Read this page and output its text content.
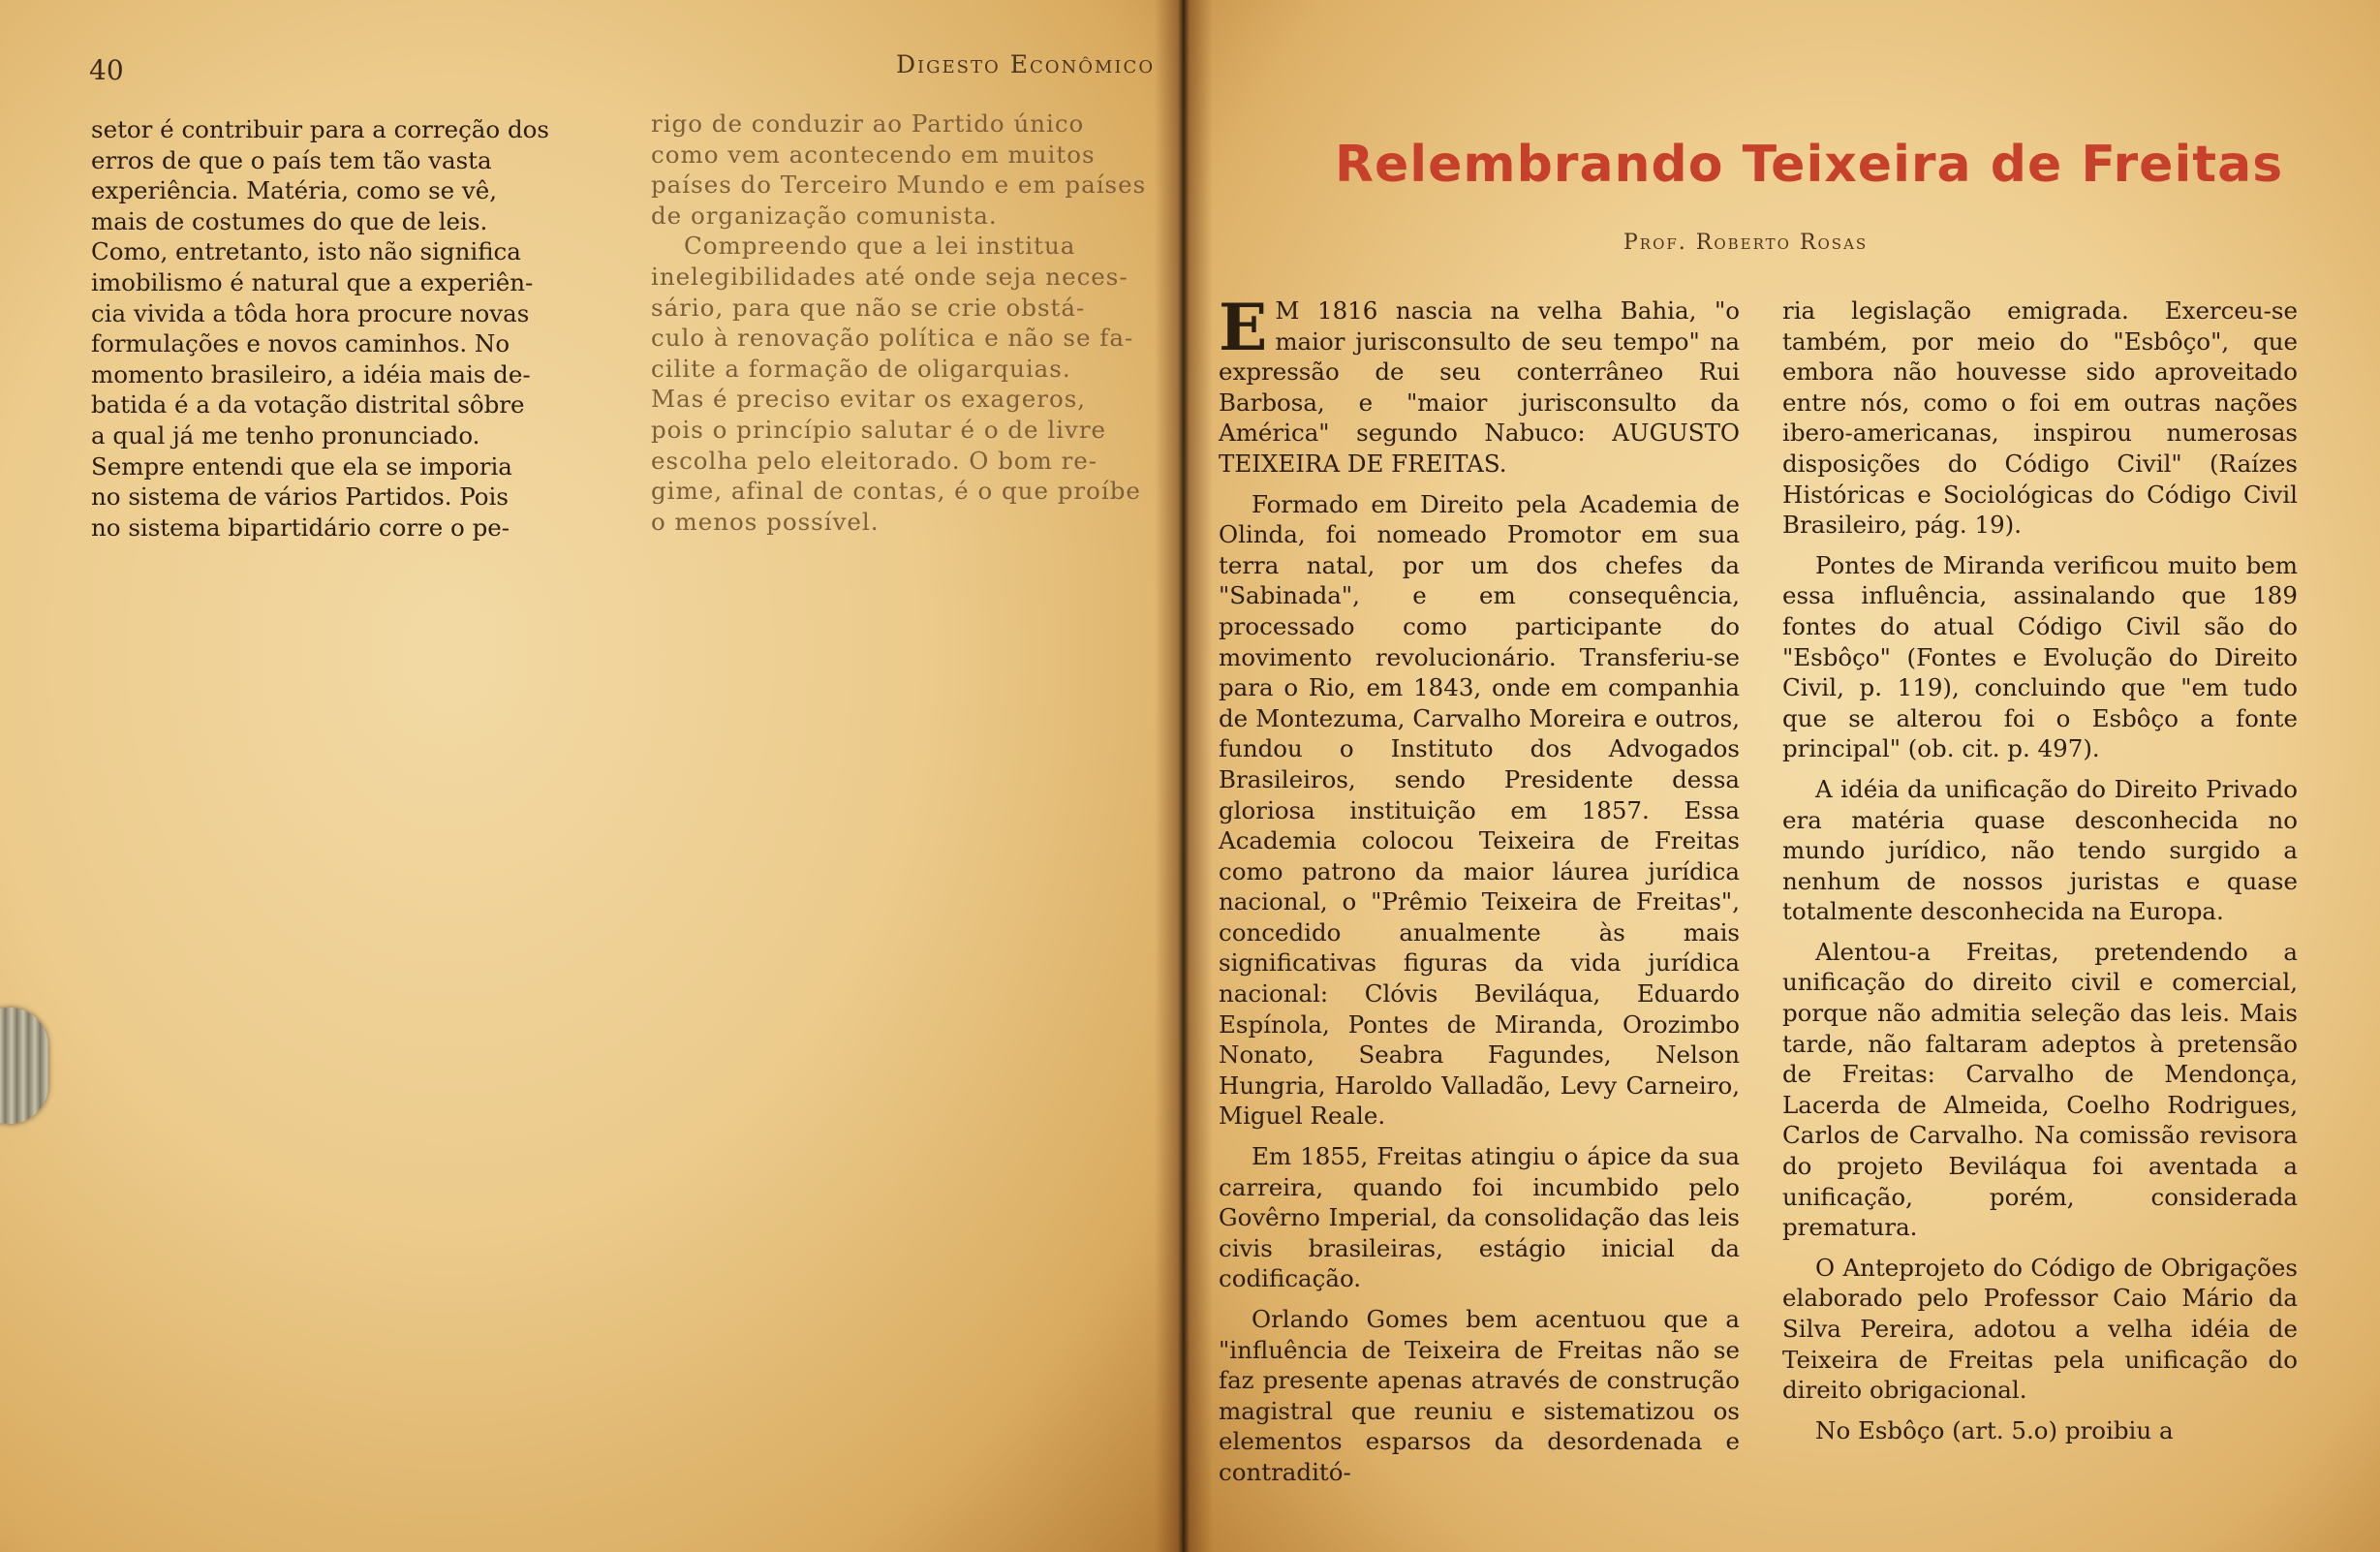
40	Digesto Econômico
setor é contribuir para a correção dos
erros de que o país tem tão vasta
experiência. Matéria, como se vê,
mais de costumes do que de leis.
Como, entretanto, isto não significa
imobilismo é natural que a experiên-
cia vivida a tôda hora procure novas
formulações e novos caminhos. No
momento brasileiro, a idéia mais de-
batida é a da votação distrital sôbre
a qual já me tenho pronunciado.
Sempre entendi que ela se imporia
no sistema de vários Partidos. Pois
no sistema bipartidário corre o pe-
rigo de conduzir ao Partido único
como vem acontecendo em muitos
países do Terceiro Mundo e em países
de organização comunista.
Compreendo que a lei institua
inelegibilidades até onde seja neces-
sário, para que não se crie obstá-
culo à renovação política e não se fa-
cilite a formação de oligarquias.
Mas é preciso evitar os exageros,
pois o princípio salutar é o de livre
escolha pelo eleitorado. O bom re-
gime, afinal de contas, é o que proíbe
o menos possível.
Relembrando Teixeira de Freitas
Prof. Roberto Rosas

E M 1816 nascia na velha Bahia, "o maior jurisconsulto de seu tempo" na expressão de seu conterrâneo Rui Barbosa, e "maior jurisconsulto da América" segundo Nabuco: AUGUSTO TEIXEIRA DE FREITAS.

Formado em Direito pela Academia de Olinda, foi nomeado Promotor em sua terra natal, por um dos chefes da "Sabinada", e em consequência, processado como participante do movimento revolucionário. Transferiu-se para o Rio, em 1843, onde em companhia de Montezuma, Carvalho Moreira e outros, fundou o Instituto dos Advogados Brasileiros, sendo Presidente dessa gloriosa instituição em 1857. Essa Academia colocou Teixeira de Freitas como patrono da maior láurea jurídica nacional, o "Prêmio Teixeira de Freitas", concedido anualmente às mais significativas figuras da vida jurídica nacional: Clóvis Beviláqua, Eduardo Espínola, Pontes de Miranda, Orozimbo Nonato, Seabra Fagundes, Nelson Hungria, Haroldo Valladão, Levy Carneiro, Miguel Reale.

Em 1855, Freitas atingiu o ápice da sua carreira, quando foi incumbido pelo Govêrno Imperial, da consolidação das leis civis brasileiras, estágio inicial da codificação.

Orlando Gomes bem acentuou que a "influência de Teixeira de Freitas não se faz presente apenas através de construção magistral que reuniu e sistematizou os elementos esparsos da desordenada e contraditó-

ria legislação emigrada. Exerceu-se também, por meio do "Esbôço", que embora não houvesse sido aproveitado entre nós, como o foi em outras nações ibero-americanas, inspirou numerosas disposições do Código Civil" (Raízes Históricas e Sociológicas do Código Civil Brasileiro, pág. 19).

Pontes de Miranda verificou muito bem essa influência, assinalando que 189 fontes do atual Código Civil são do "Esbôço" (Fontes e Evolução do Direito Civil, p. 119), concluindo que "em tudo que se alterou foi o Esbôço a fonte principal" (ob. cit. p. 497).

A idéia da unificação do Direito Privado era matéria quase desconhecida no mundo jurídico, não tendo surgido a nenhum de nossos juristas e quase totalmente desconhecida na Europa.

Alentou-a Freitas, pretendendo a unificação do direito civil e comercial, porque não admitia seleção das leis. Mais tarde, não faltaram adeptos à pretensão de Freitas: Carvalho de Mendonça, Lacerda de Almeida, Coelho Rodrigues, Carlos de Carvalho. Na comissão revisora do projeto Beviláqua foi aventada a unificação, porém, considerada prematura.

O Anteprojeto do Código de Obrigações elaborado pelo Professor Caio Mário da Silva Pereira, adotou a velha idéia de Teixeira de Freitas pela unificação do direito obrigacional.

No Esbôço (art. 5.o) proibiu a
